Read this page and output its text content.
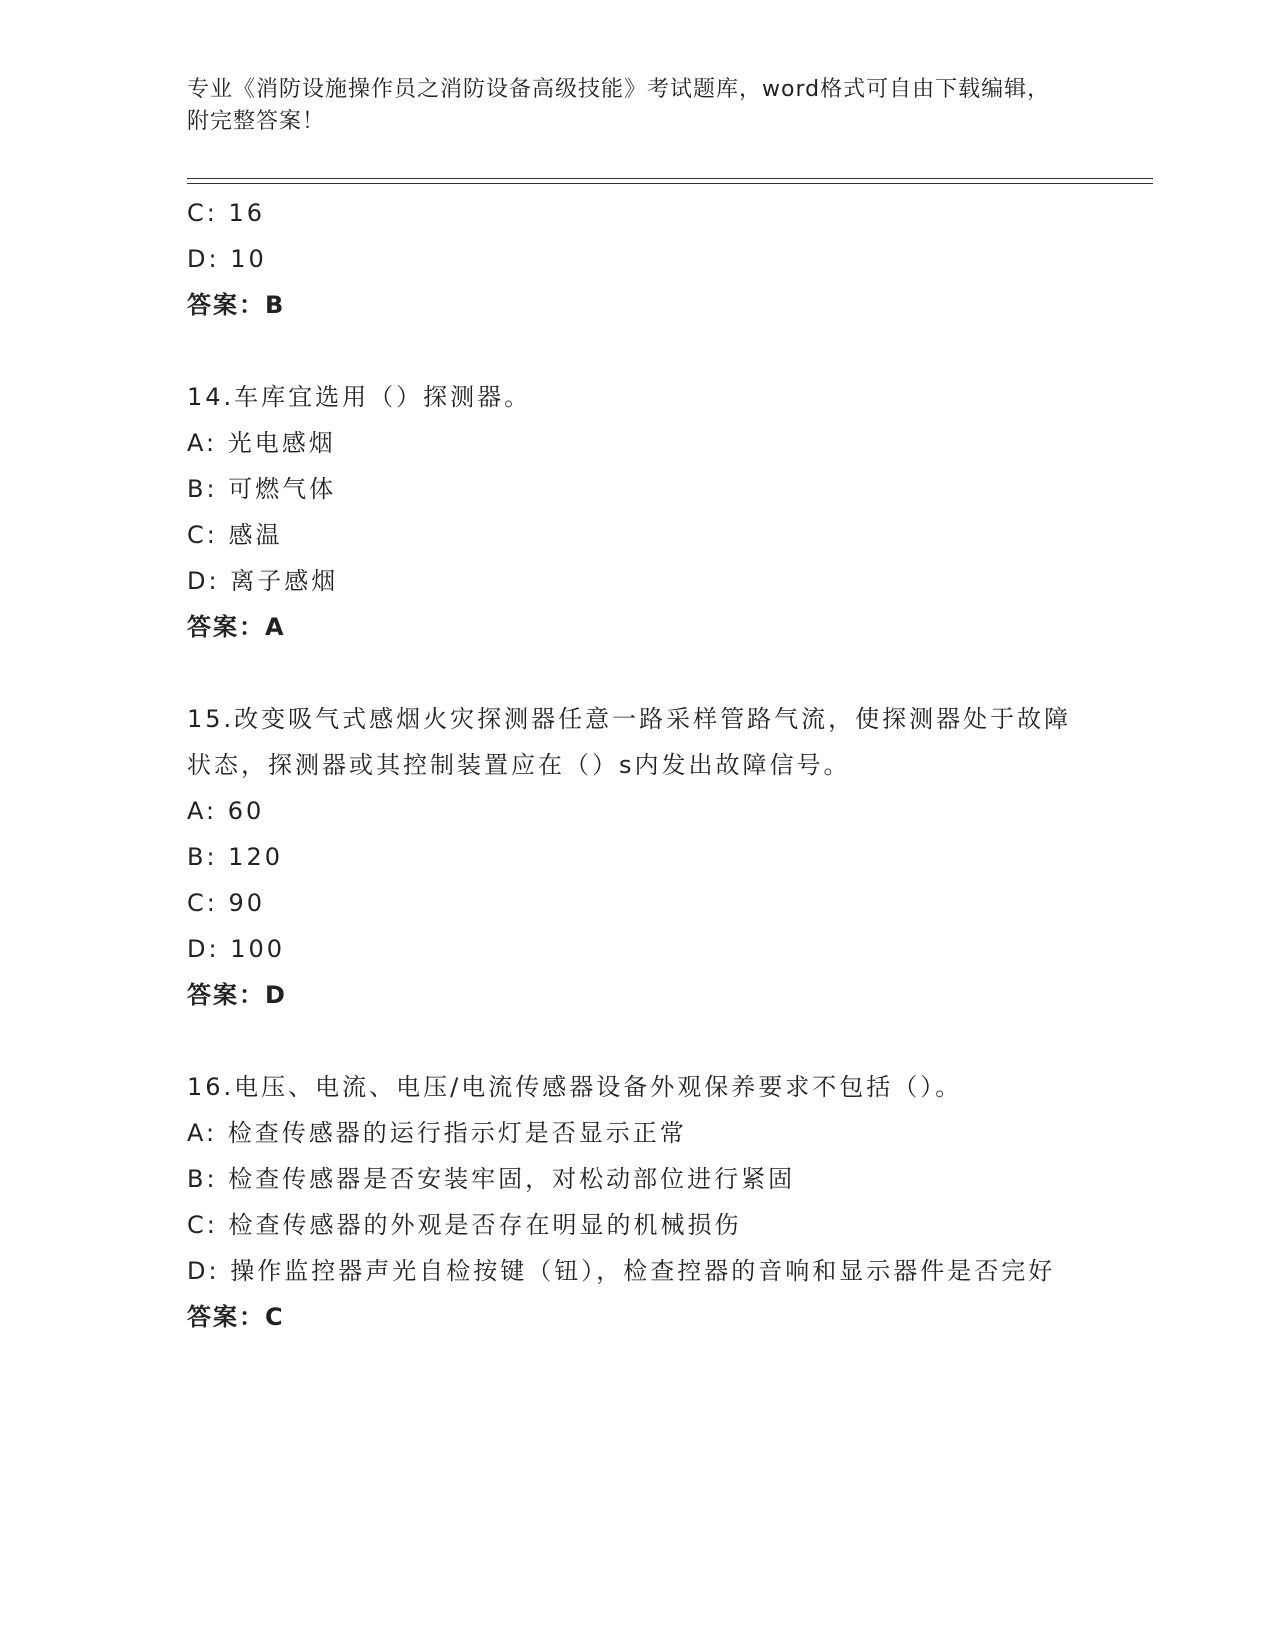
专业《消防设施操作员之消防设备高级技能》考试题库，word格式可自由下载编辑，附完整答案！
C: 16
D: 10
答案：B
14.车库宜选用（）探测器。
A: 光电感烟
B: 可燃气体
C: 感温
D: 离子感烟
答案：A
15.改变吸气式感烟火灾探测器任意一路采样管路气流，使探测器处于故障状态，探测器或其控制装置应在（）s内发出故障信号。
A: 60
B: 120
C: 90
D: 100
答案：D
16.电压、电流、电压/电流传感器设备外观保养要求不包括（）。
A: 检查传感器的运行指示灯是否显示正常
B: 检查传感器是否安装牢固，对松动部位进行紧固
C: 检查传感器的外观是否存在明显的机械损伤
D: 操作监控器声光自检按键（钮），检查控器的音响和显示器件是否完好
答案：C
